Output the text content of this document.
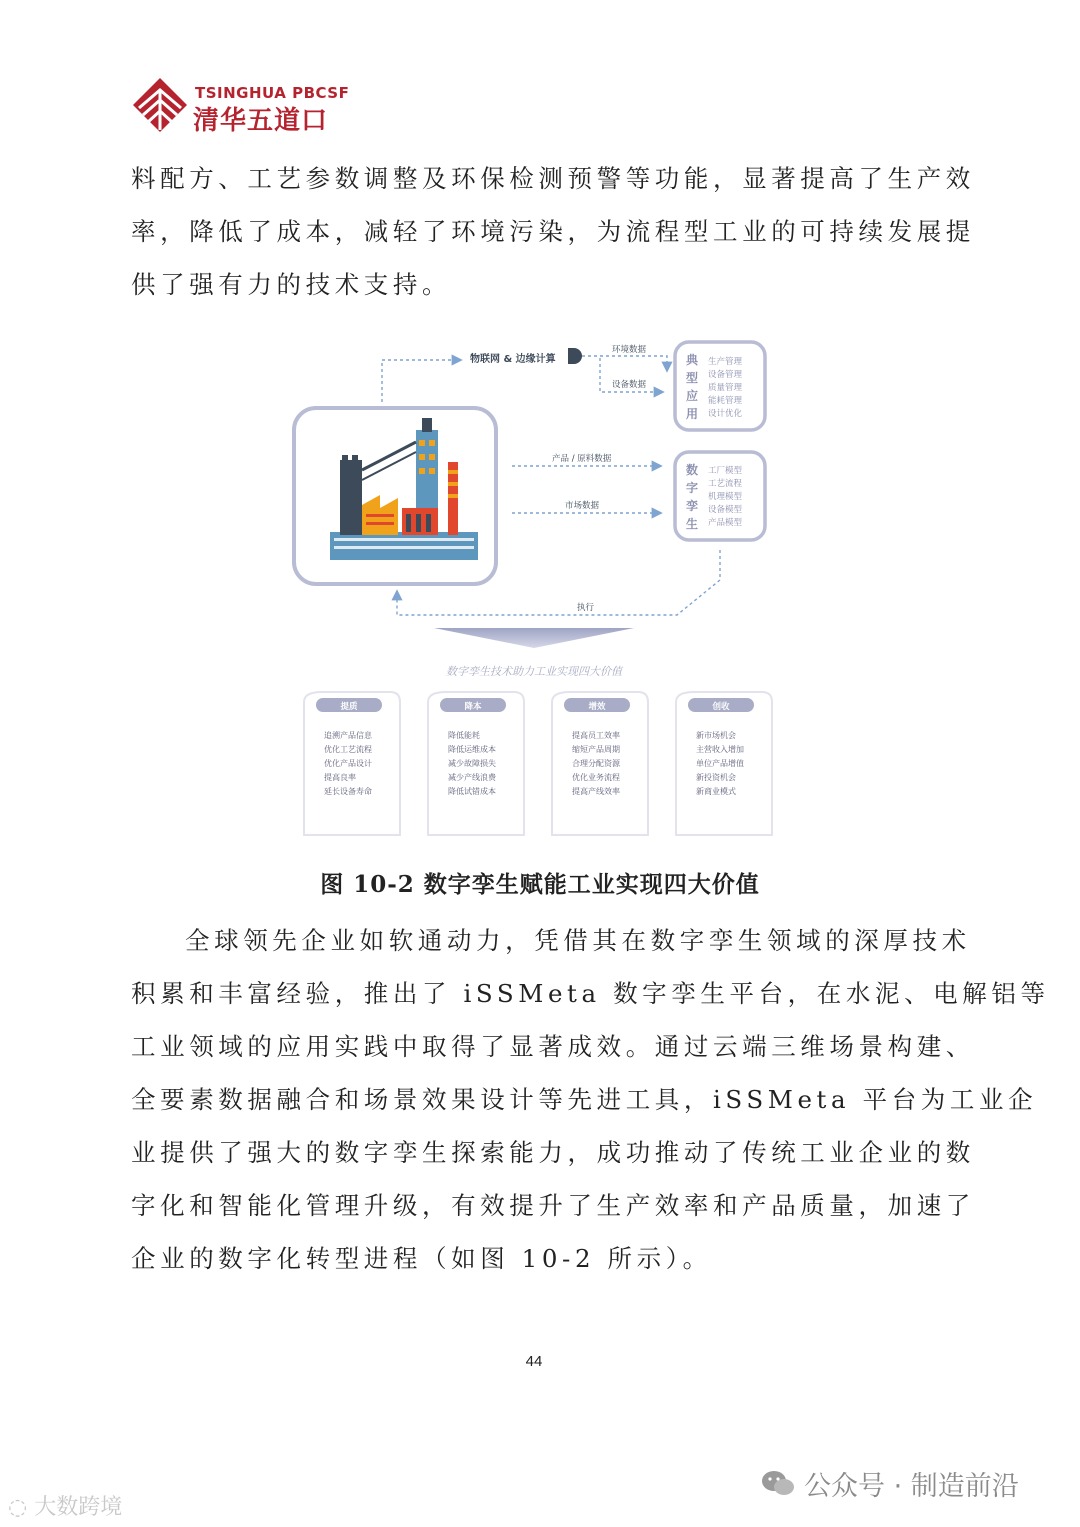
TSINGHUA PBCSF
清华五道口

料配方、工艺参数调整及环保检测预警等功能，显著提高了生产效

率，降低了成本，减轻了环境污染，为流程型工业的可持续发展提

供了强有力的技术支持。

物联网 & 边缘计算
环境数据
设备数据
产品 / 原料数据
市场数据
执行
典
型
应
用
生产管理
设备管理
质量管理
能耗管理
设计优化
数
字
孪
生
工厂模型
工艺流程
机理模型
设备模型
产品模型
数字孪生技术助力工业实现四大价值
提质
追溯产品信息
优化工艺流程
优化产品设计
提高良率
延长设备寿命
降本
降低能耗
降低运维成本
减少故障损失
减少产线浪费
降低试错成本
增效
提高员工效率
缩短产品周期
合理分配资源
优化业务流程
提高产线效率
创收
新市场机会
主营收入增加
单位产品增值
新投资机会
新商业模式
图 10-2 数字孪生赋能工业实现四大价值

全球领先企业如软通动力，凭借其在数字孪生领域的深厚技术

积累和丰富经验，推出了 iSSMeta 数字孪生平台，在水泥、电解铝等

工业领域的应用实践中取得了显著成效。通过云端三维场景构建、

全要素数据融合和场景效果设计等先进工具，iSSMeta 平台为工业企

业提供了强大的数字孪生探索能力，成功推动了传统工业企业的数

字化和智能化管理升级，有效提升了生产效率和产品质量，加速了

企业的数字化转型进程（如图 10-2 所示）。

44
◌ 大数跨境
公众号 · 制造前沿
